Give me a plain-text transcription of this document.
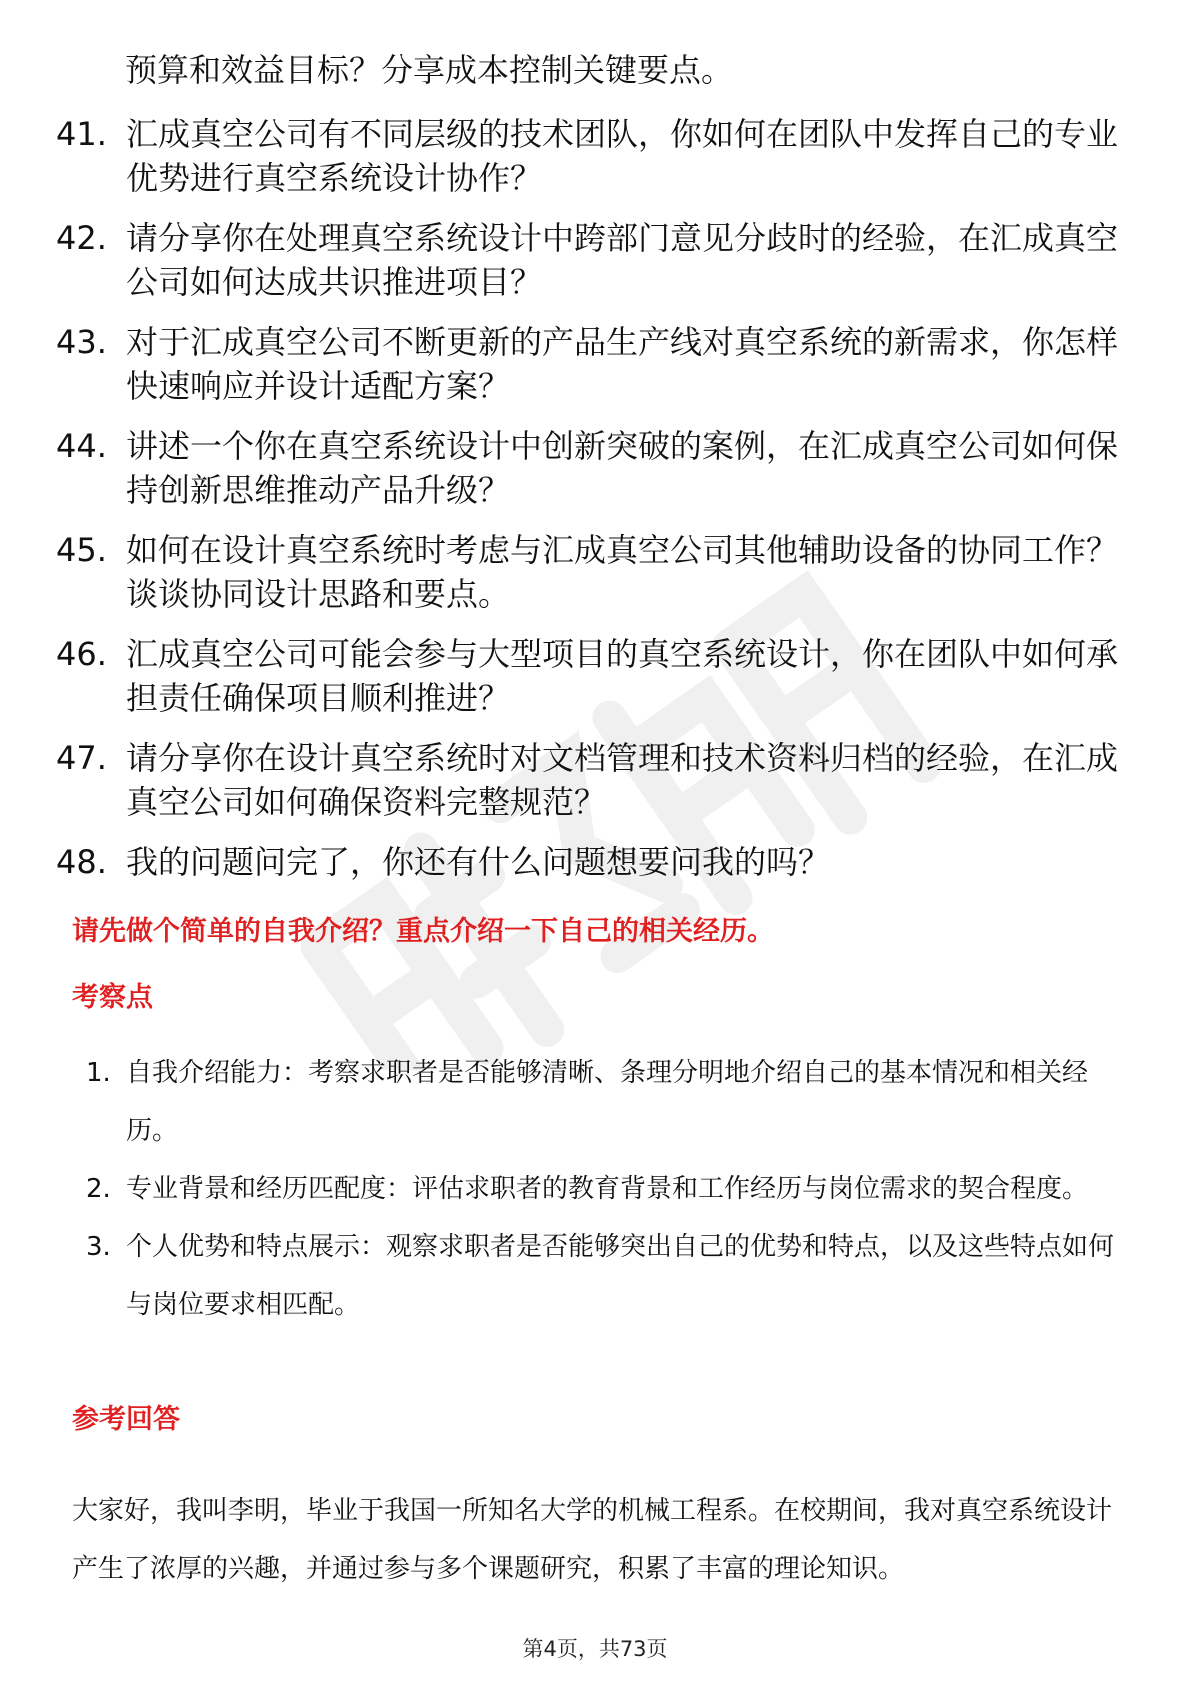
预算和效益目标？分享成本控制关键要点。
41. 汇成真空公司有不同层级的技术团队，你如何在团队中发挥自己的专业优势进行真空系统设计协作？
42. 请分享你在处理真空系统设计中跨部门意见分歧时的经验，在汇成真空公司如何达成共识推进项目？
43. 对于汇成真空公司不断更新的产品生产线对真空系统的新需求，你怎样快速响应并设计适配方案？
44. 讲述一个你在真空系统设计中创新突破的案例，在汇成真空公司如何保持创新思维推动产品升级？
45. 如何在设计真空系统时考虑与汇成真空公司其他辅助设备的协同工作？谈谈协同设计思路和要点。
46. 汇成真空公司可能会参与大型项目的真空系统设计，你在团队中如何承担责任确保项目顺利推进？
47. 请分享你在设计真空系统时对文档管理和技术资料归档的经验，在汇成真空公司如何确保资料完整规范？
48. 我的问题问完了，你还有什么问题想要问我的吗？
请先做个简单的自我介绍？重点介绍一下自己的相关经历。
考察点
1. 自我介绍能力：考察求职者是否能够清晰、条理分明地介绍自己的基本情况和相关经历。
2. 专业背景和经历匹配度：评估求职者的教育背景和工作经历与岗位需求的契合程度。
3. 个人优势和特点展示：观察求职者是否能够突出自己的优势和特点，以及这些特点如何与岗位要求相匹配。
参考回答
大家好，我叫李明，毕业于我国一所知名大学的机械工程系。在校期间，我对真空系统设计产生了浓厚的兴趣，并通过参与多个课题研究，积累了丰富的理论知识。
第4页，共73页
